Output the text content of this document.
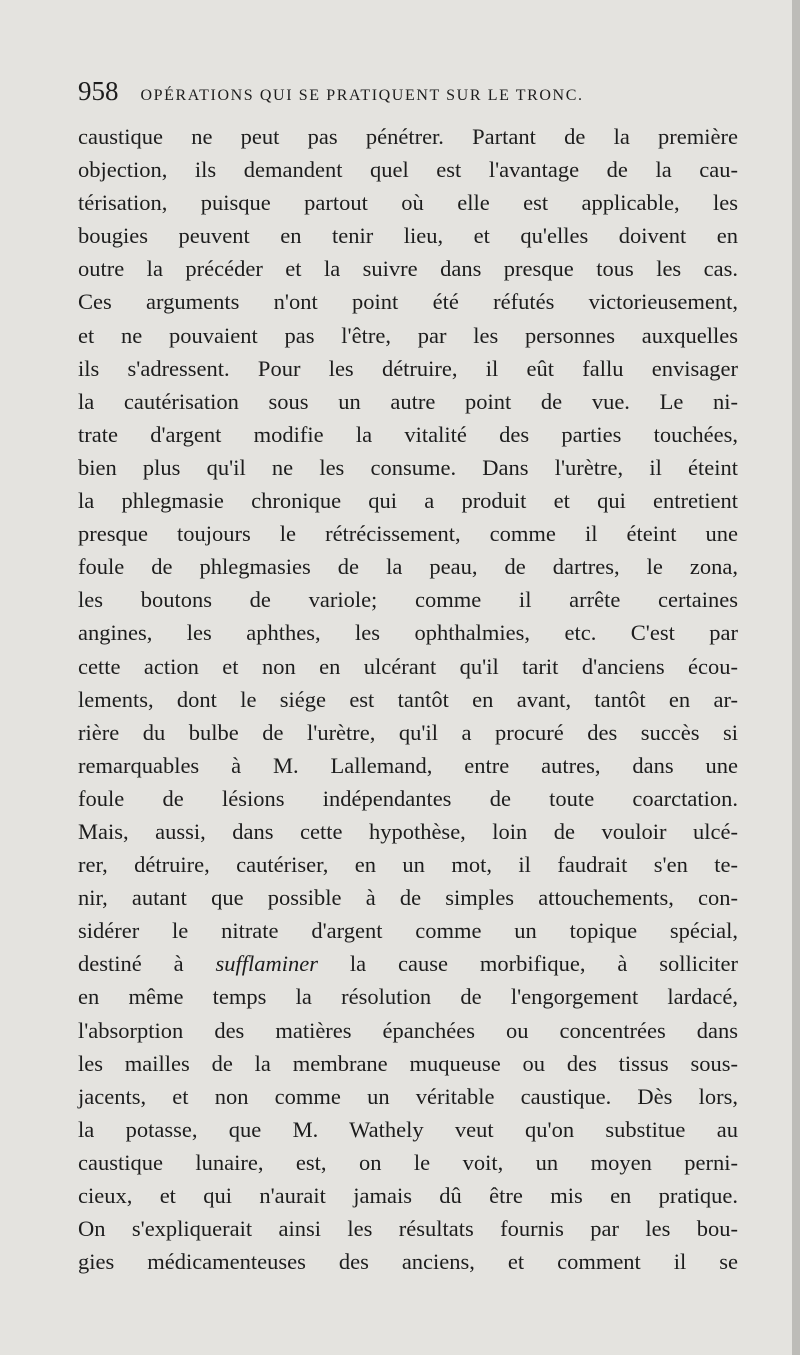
958 OPÉRATIONS QUI SE PRATIQUENT SUR LE TRONC.
caustique ne peut pas pénétrer. Partant de la première
objection, ils demandent quel est l'avantage de la cau-
térisation, puisque partout où elle est applicable, les
bougies peuvent en tenir lieu, et qu'elles doivent en
outre la précéder et la suivre dans presque tous les cas.
Ces arguments n'ont point été réfutés victorieusement,
et ne pouvaient pas l'être, par les personnes auxquelles
ils s'adressent. Pour les détruire, il eût fallu envisager
la cautérisation sous un autre point de vue. Le ni-
trate d'argent modifie la vitalité des parties touchées,
bien plus qu'il ne les consume. Dans l'urètre, il éteint
la phlegmasie chronique qui a produit et qui entretient
presque toujours le rétrécissement, comme il éteint une
foule de phlegmasies de la peau, de dartres, le zona,
les boutons de variole; comme il arrête certaines
angines, les aphthes, les ophthalmies, etc. C'est par
cette action et non en ulcérant qu'il tarit d'anciens écou-
lements, dont le siége est tantôt en avant, tantôt en ar-
rière du bulbe de l'urètre, qu'il a procuré des succès si
remarquables à M. Lallemand, entre autres, dans une
foule de lésions indépendantes de toute coarctation.
Mais, aussi, dans cette hypothèse, loin de vouloir ulcé-
rer, détruire, cautériser, en un mot, il faudrait s'en te-
nir, autant que possible à de simples attouchements, con-
sidérer le nitrate d'argent comme un topique spécial,
destiné à sufflaminer la cause morbifique, à solliciter
en même temps la résolution de l'engorgement lardacé,
l'absorption des matières épanchées ou concentrées dans
les mailles de la membrane muqueuse ou des tissus sous-
jacents, et non comme un véritable caustique. Dès lors,
la potasse, que M. Wathely veut qu'on substitue au
caustique lunaire, est, on le voit, un moyen perni-
cieux, et qui n'aurait jamais dû être mis en pratique.
On s'expliquerait ainsi les résultats fournis par les bou-
gies médicamenteuses des anciens, et comment il se
